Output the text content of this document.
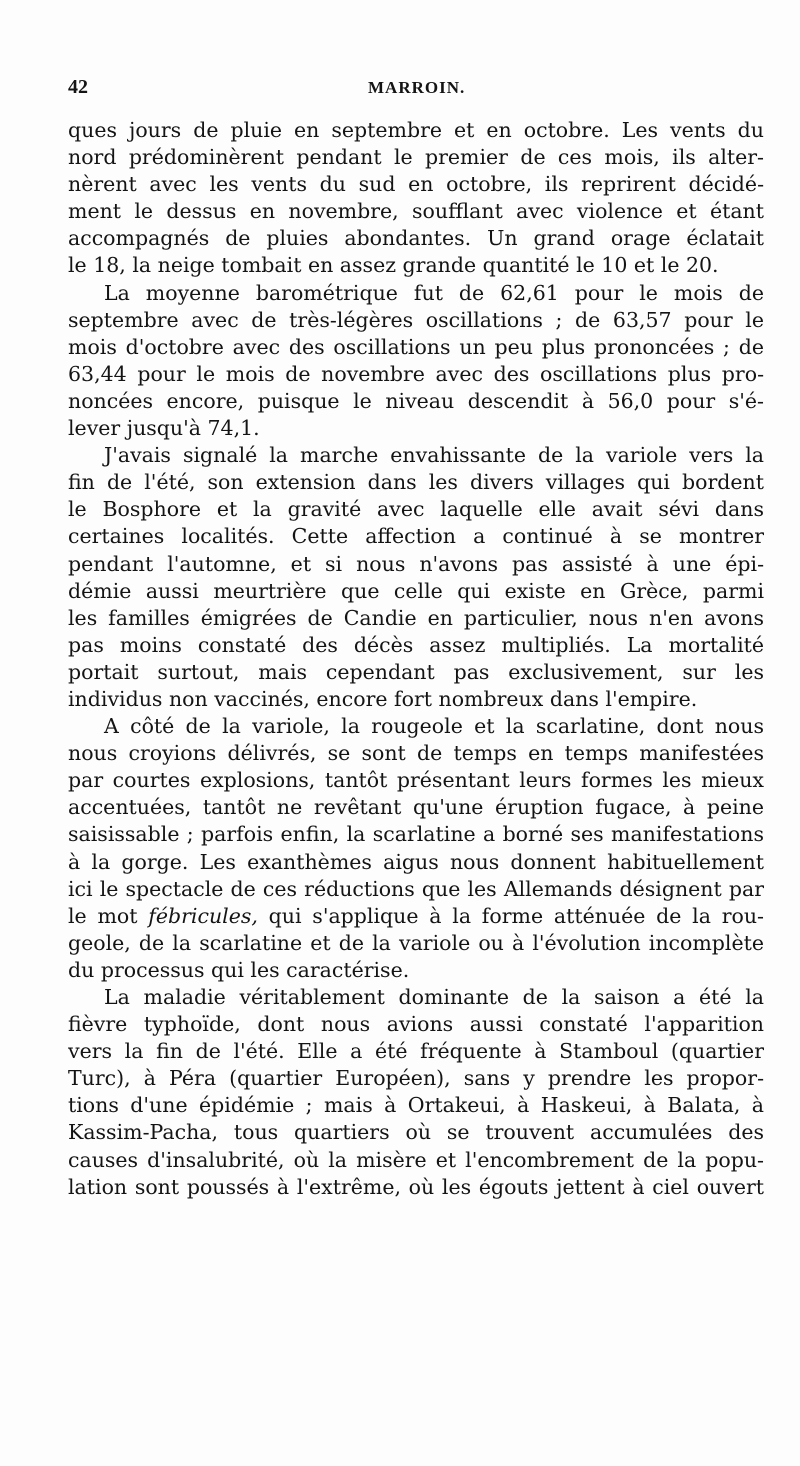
42	MARROIN.
ques jours de pluie en septembre et en octobre. Les vents du
nord prédominèrent pendant le premier de ces mois, ils alter-
nèrent avec les vents du sud en octobre, ils reprirent décidé-
ment le dessus en novembre, soufflant avec violence et étant
accompagnés de pluies abondantes. Un grand orage éclatait
le 18, la neige tombait en assez grande quantité le 10 et le 20.
La moyenne barométrique fut de 62,61 pour le mois de
septembre avec de très-légères oscillations ; de 63,57 pour le
mois d'octobre avec des oscillations un peu plus prononcées ; de
63,44 pour le mois de novembre avec des oscillations plus pro-
noncées encore, puisque le niveau descendit à 56,0 pour s'é-
lever jusqu'à 74,1.
J'avais signalé la marche envahissante de la variole vers la
fin de l'été, son extension dans les divers villages qui bordent
le Bosphore et la gravité avec laquelle elle avait sévi dans
certaines localités. Cette affection a continué à se montrer
pendant l'automne, et si nous n'avons pas assisté à une épi-
démie aussi meurtrière que celle qui existe en Grèce, parmi
les familles émigrées de Candie en particulier, nous n'en avons
pas moins constaté des décès assez multipliés. La mortalité
portait surtout, mais cependant pas exclusivement, sur les
individus non vaccinés, encore fort nombreux dans l'empire.
A côté de la variole, la rougeole et la scarlatine, dont nous
nous croyions délivrés, se sont de temps en temps manifestées
par courtes explosions, tantôt présentant leurs formes les mieux
accentuées, tantôt ne revêtant qu'une éruption fugace, à peine
saisissable ; parfois enfin, la scarlatine a borné ses manifestations
à la gorge. Les exanthèmes aigus nous donnent habituellement
ici le spectacle de ces réductions que les Allemands désignent par
le mot fébricules, qui s'applique à la forme atténuée de la rou-
geole, de la scarlatine et de la variole ou à l'évolution incomplète
du processus qui les caractérise.
La maladie véritablement dominante de la saison a été la
fièvre typhoïde, dont nous avions aussi constaté l'apparition
vers la fin de l'été. Elle a été fréquente à Stamboul (quartier
Turc), à Péra (quartier Européen), sans y prendre les propor-
tions d'une épidémie ; mais à Ortakeui, à Haskeui, à Balata, à
Kassim-Pacha, tous quartiers où se trouvent accumulées des
causes d'insalubrité, où la misère et l'encombrement de la popu-
lation sont poussés à l'extrême, où les égouts jettent à ciel ouvert
